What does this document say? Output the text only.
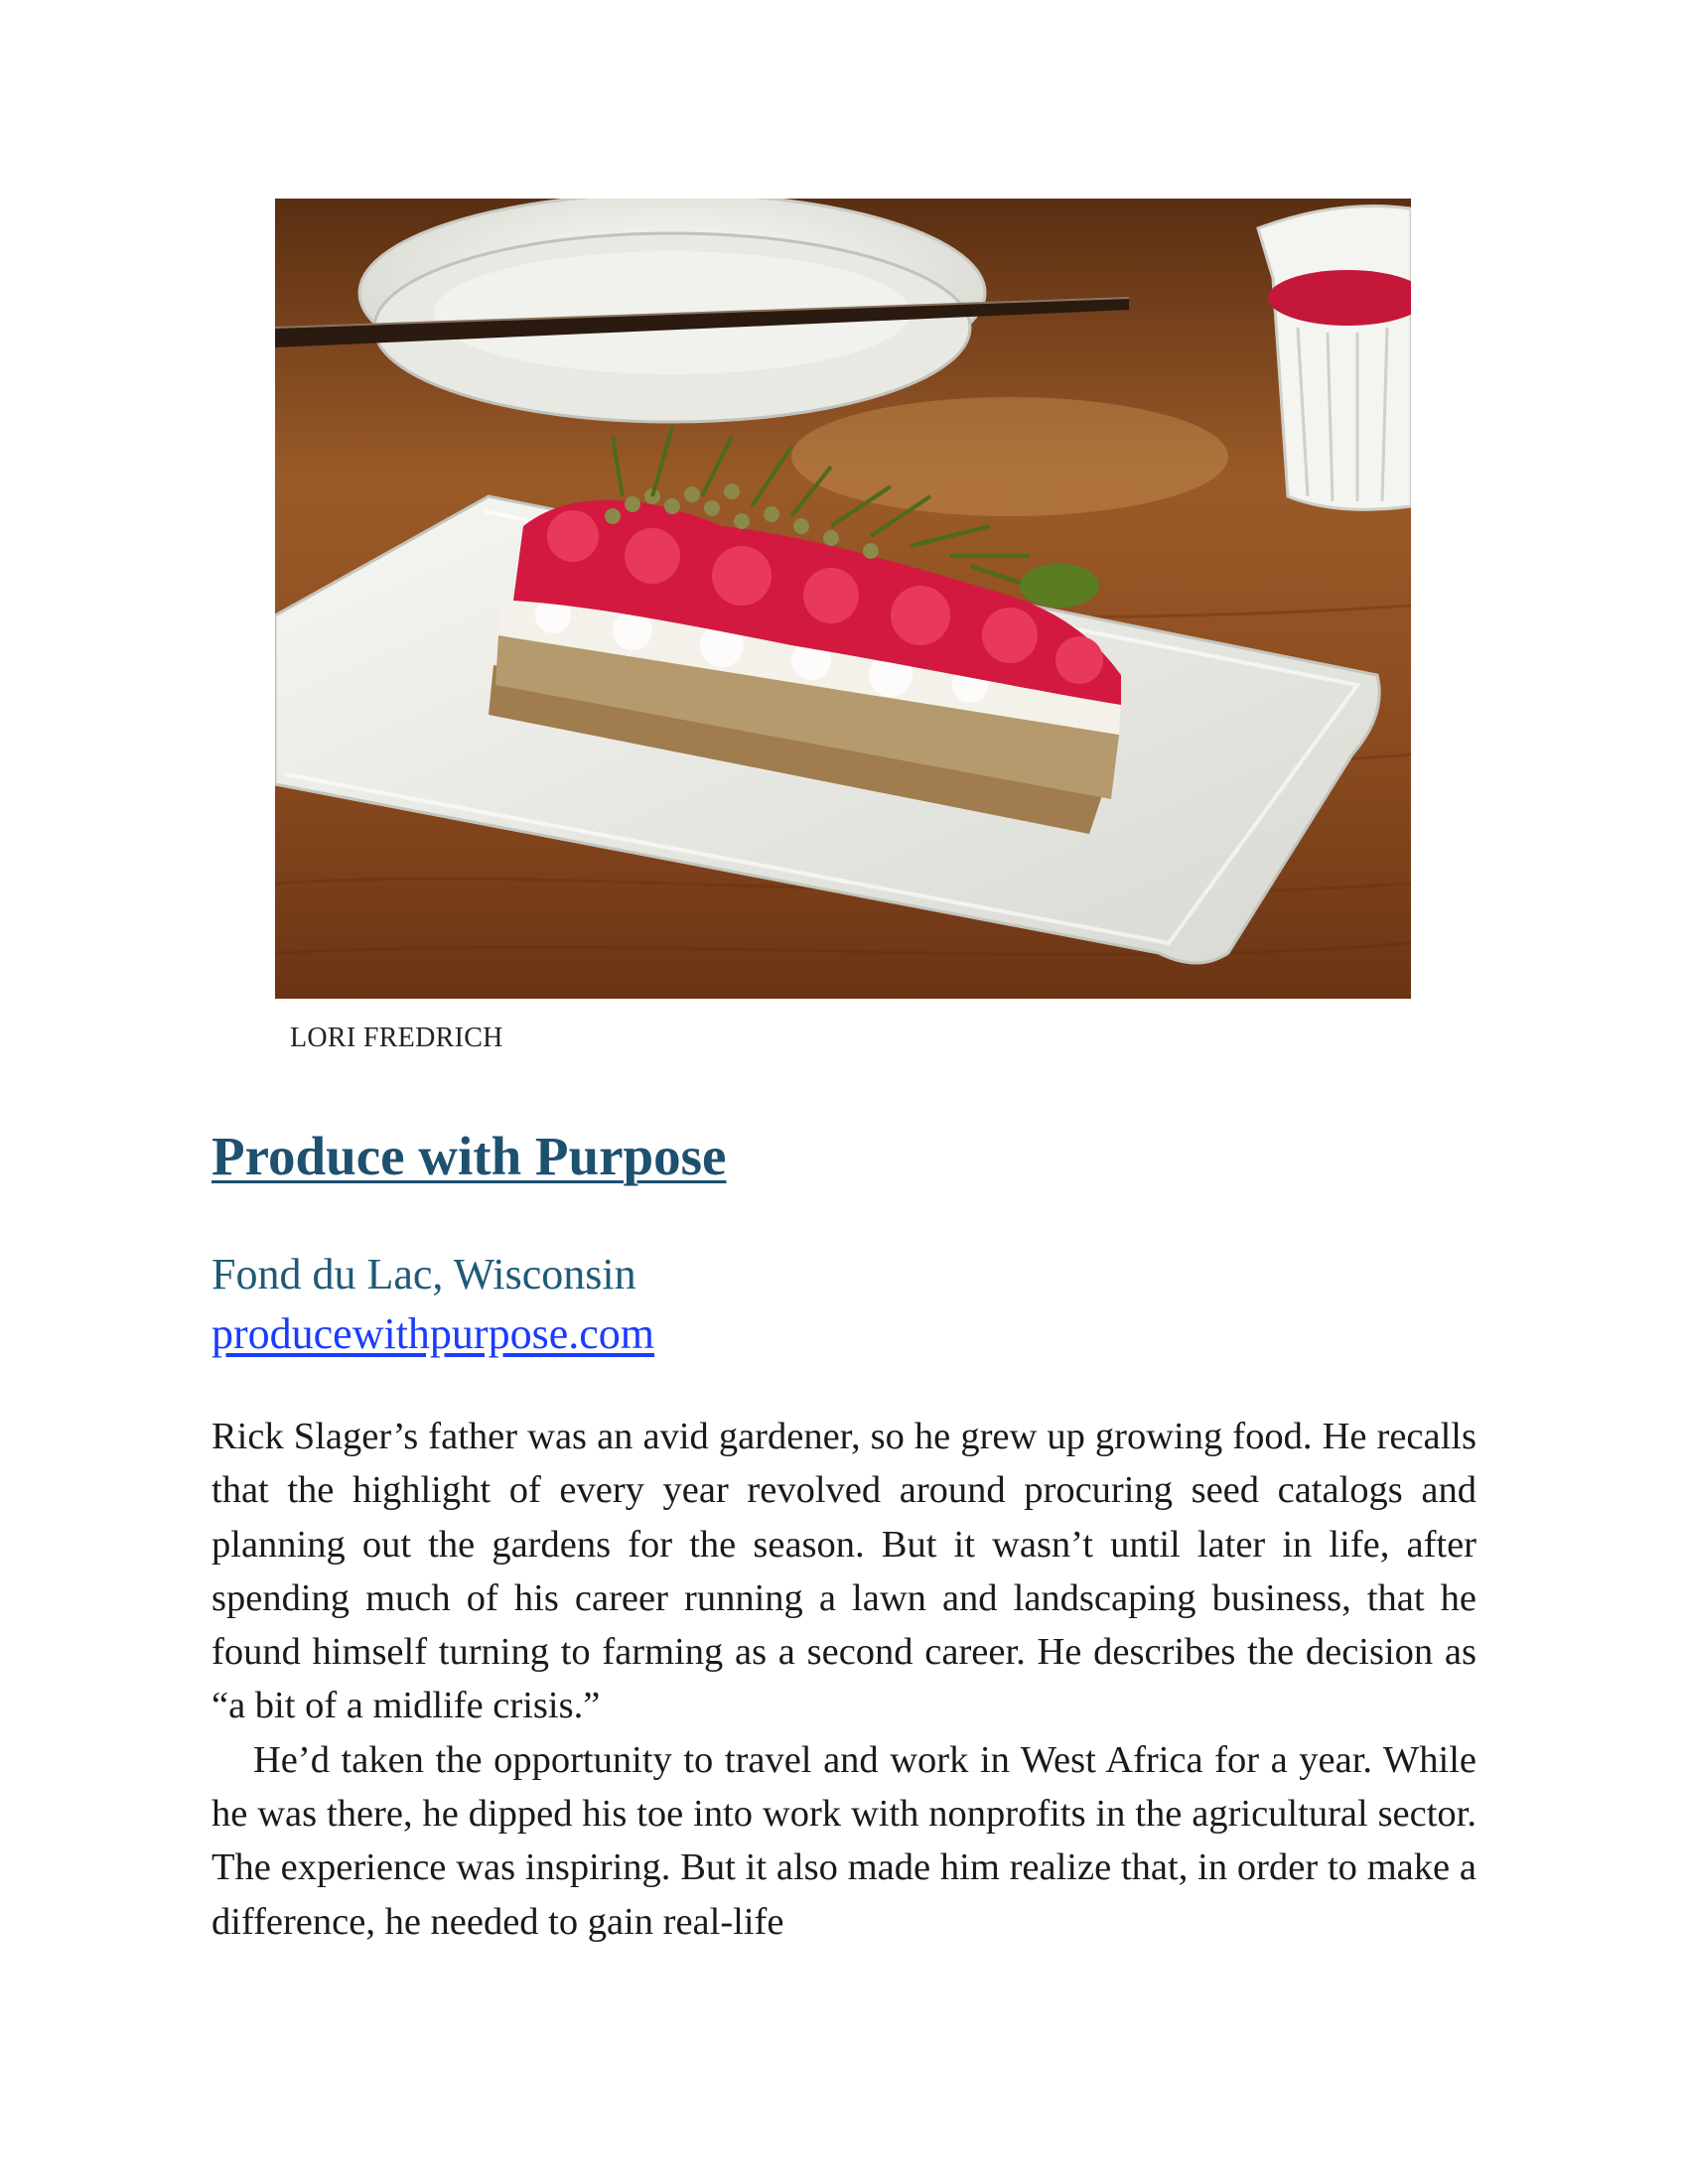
LORI FREDRICH
Produce with Purpose
Fond du Lac, Wisconsin
producewithpurpose.com

Rick Slager’s father was an avid gardener, so he grew up growing food. He recalls that the highlight of every year revolved around procuring seed catalogs and planning out the gardens for the season. But it wasn’t until later in life, after spending much of his career running a lawn and landscaping business, that he found himself turning to farming as a second career. He describes the decision as “a bit of a midlife crisis.”

He’d taken the opportunity to travel and work in West Africa for a year. While he was there, he dipped his toe into work with nonprofits in the agricultural sector. The experience was inspiring. But it also made him realize that, in order to make a difference, he needed to gain real-life
